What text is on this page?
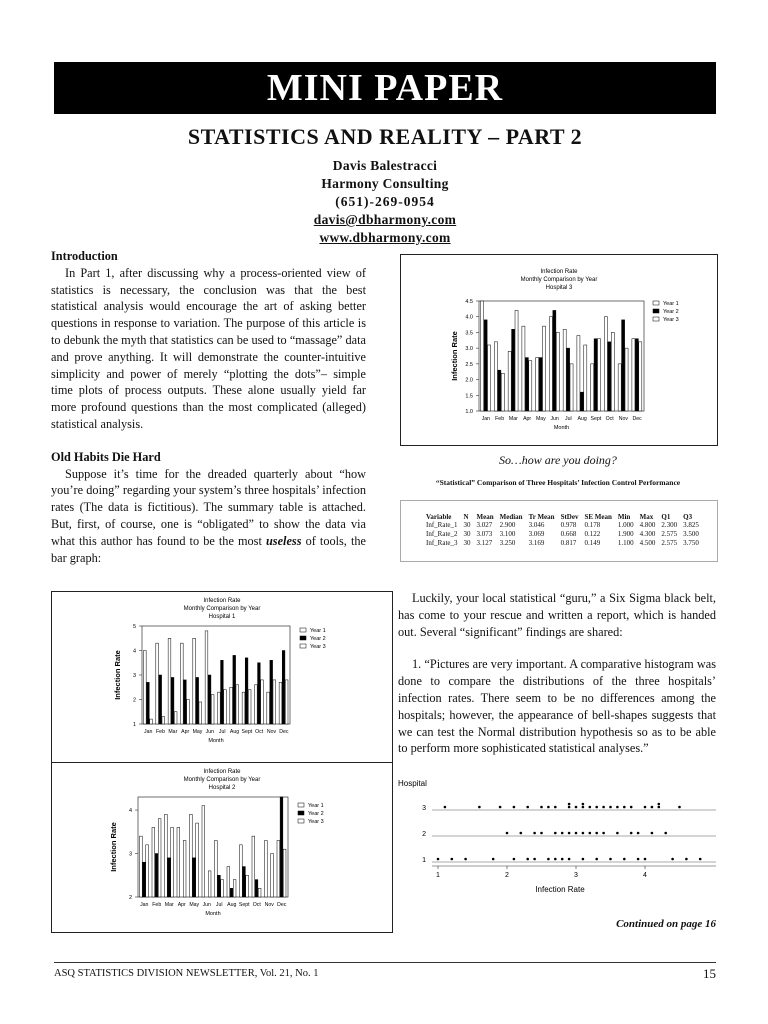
MINI PAPER
STATISTICS AND REALITY – PART 2
Davis Balestracci
Harmony Consulting
(651)-269-0954
davis@dbharmony.com
www.dbharmony.com
Introduction

In Part 1, after discussing why a process-oriented view of statistics is necessary, the conclusion was that the best statistical analysis would encourage the art of asking better questions in response to variation. The purpose of this article is to debunk the myth that statistics can be used to “massage” data and prove anything. It will demonstrate the counter-intuitive simplicity and power of merely “plotting the dots”– simple time plots of process outputs. These alone usually yield far more profound questions than the most complicated (alleged) statistical analysis.

Old Habits Die Hard

Suppose it’s time for the dreaded quarterly about “how you’re doing” regarding your system’s three hospitals’ infection rates (The data is fictitious). The summary table is attached. But, first, of course, one is “obligated” to show the data via what this author has found to be the most useless of tools, the bar graph:

Infection Rate
Monthly Comparison by Year
Hospital 3
1.0
1.5
2.0
2.5
3.0
3.5
4.0
4.5
Jan Feb Mar Apr May Jun Jul Aug Sept Oct Nov Dec
Month
Infection Rate
Year 1
Year 2
Year 3
So…how are you doing?
“Statistical” Comparison of Three Hospitals’ Infection Control Performance
Variable	N	Mean	Median	Tr Mean	StDev	SE Mean	Min	Max	Q1	Q3
Inf_Rate_1	30	3.027	2.900	3.046	0.978	0.178	1.000	4.800	2.300	3.825
Inf_Rate_2	30	3.073	3.100	3.069	0.668	0.122	1.900	4.300	2.575	3.500
Inf_Rate_3	30	3.127	3.250	3.169	0.817	0.149	1.100	4.500	2.575	3.750
Infection Rate
Monthly Comparison by Year
Hospital 1
1
2
3
4
5
Jan Feb Mar Apr May Jun Jul Aug Sept Oct Nov Dec
Month
Infection Rate
Year 1
Year 2
Year 3
Infection Rate
Monthly Comparison by Year
Hospital 2
2
3
4
Jan Feb Mar Apr May Jun Jul Aug Sept Oct Nov Dec
Month
Infection Rate
Year 1
Year 2
Year 3

Luckily, your local statistical “guru,” a Six Sigma black belt, has come to your rescue and written a report, which is handed out. Several “significant” findings are shared:

1. “Pictures are very important. A comparative histogram was done to compare the distributions of the three hospitals’ infection rates. There seem to be no differences among the hospitals; however, the appearance of bell-shapes suggests that we can test the Normal distribution hypothesis so as to be able to perform more sophisticated statistical analyses.”

Hospital
3
2
1
1	2	3	4
Infection Rate
Continued on page 16
ASQ STATISTICS DIVISION NEWSLETTER, Vol. 21, No. 1	15
